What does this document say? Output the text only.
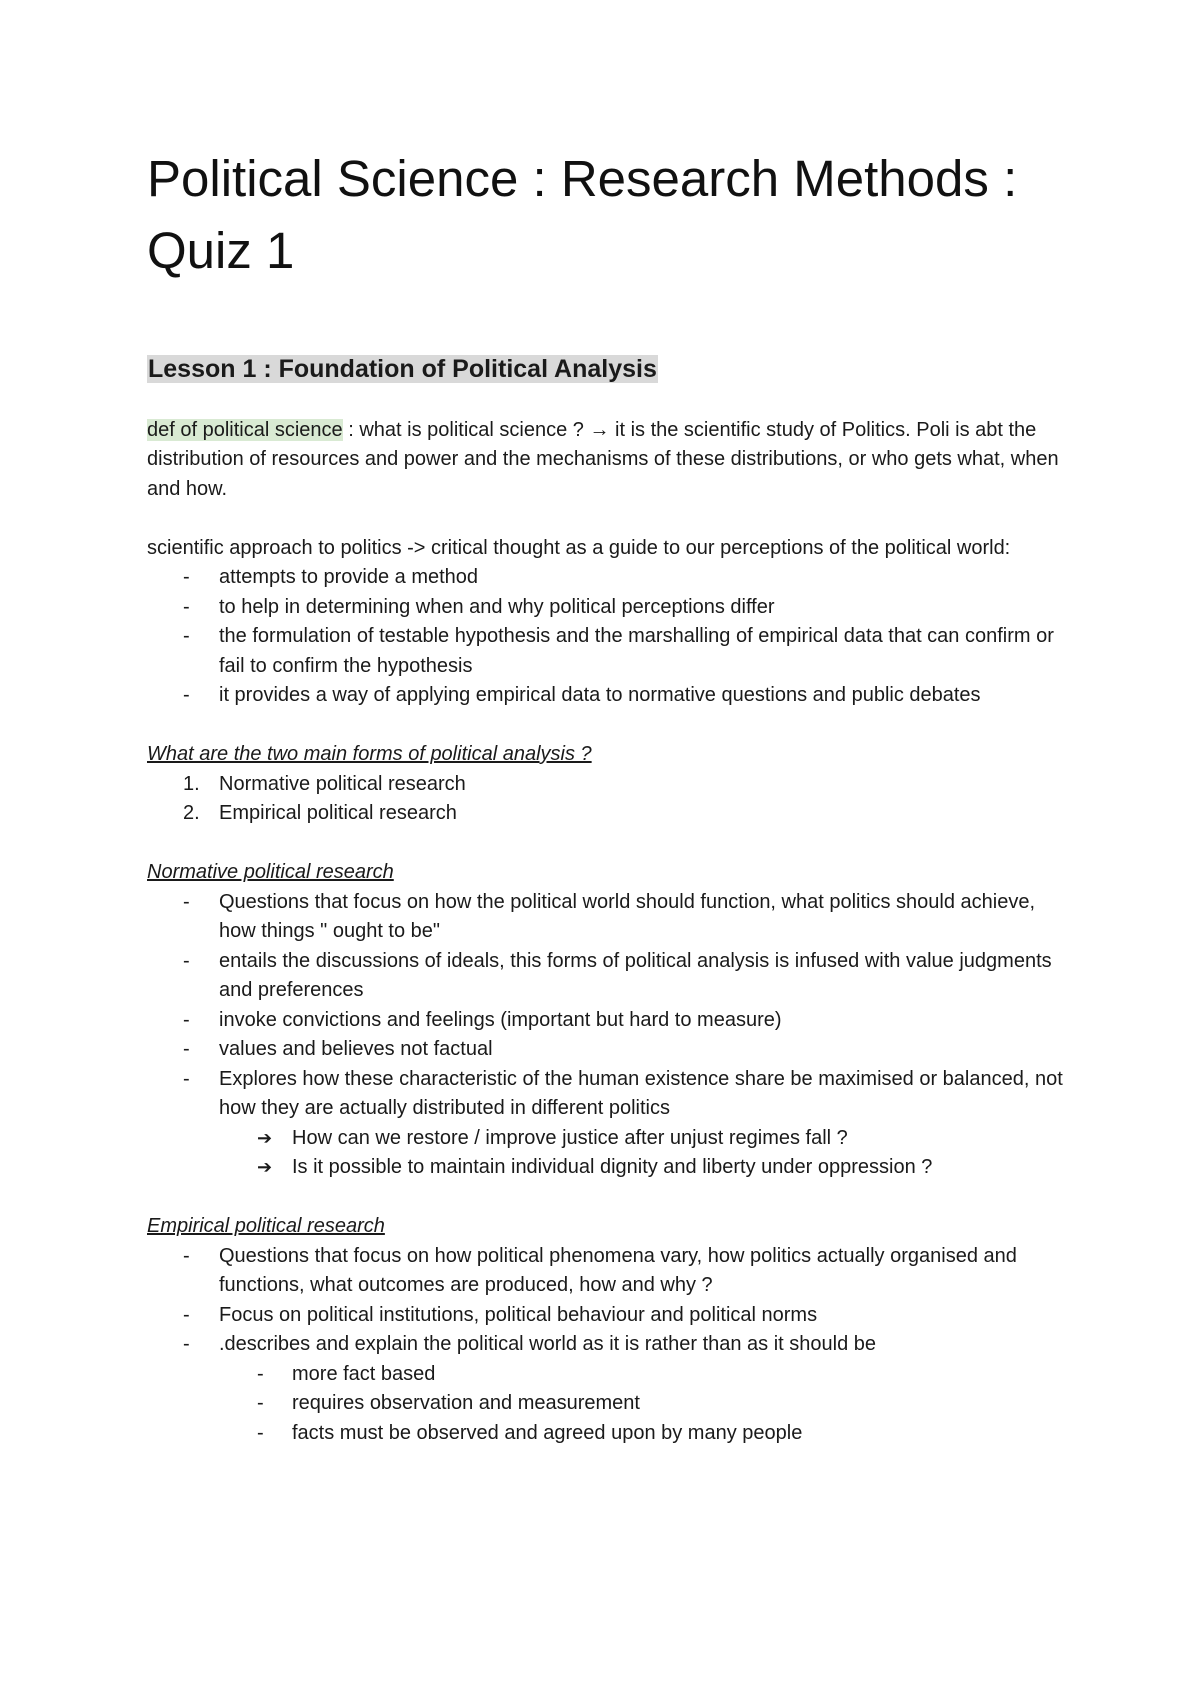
Political Science : Research Methods : Quiz 1
Lesson 1 : Foundation of Political Analysis

def of political science : what is political science ? → it is the scientific study of Politics. Poli is abt the distribution of resources and power and the mechanisms of these distributions, or who gets what, when and how.

scientific approach to politics -> critical thought as a guide to our perceptions of the political world:

- attempts to provide a method
- to help in determining when and why political perceptions differ
- the formulation of testable hypothesis and the marshalling of empirical data that can confirm or fail to confirm the hypothesis
- it provides a way of applying empirical data to normative questions and public debates

What are the two main forms of political analysis ?

1. Normative political research
2. Empirical political research

Normative political research

- Questions that focus on how the political world should function, what politics should achieve, how things " ought to be"
- entails the discussions of ideals, this forms of political analysis is infused with value judgments and preferences
- invoke convictions and feelings (important but hard to measure)
- values and believes not factual
- Explores how these characteristic of the human existence share be maximised or balanced, not how they are actually distributed in different politics
➔ How can we restore / improve justice after unjust regimes fall ?
➔ Is it possible to maintain individual dignity and liberty under oppression ?

Empirical political research

- Questions that focus on how political phenomena vary, how politics actually organised and functions, what outcomes are produced, how and why ?
- Focus on political institutions, political behaviour and political norms
- .describes and explain the political world as it is rather than as it should be
- more fact based
- requires observation and measurement
- facts must be observed and agreed upon by many people
